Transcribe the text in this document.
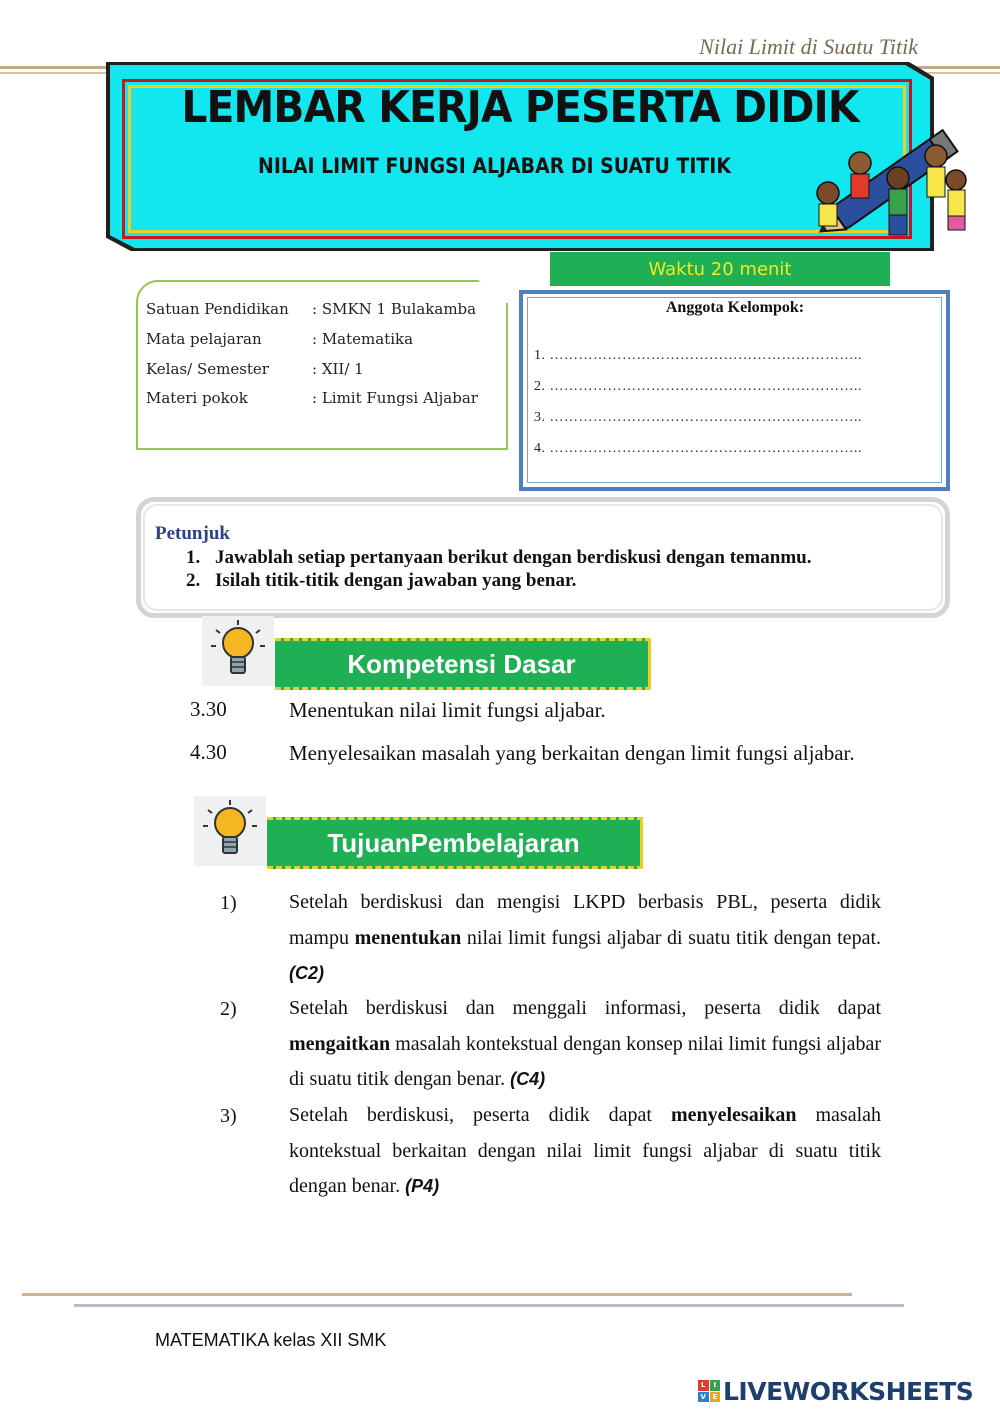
Nilai Limit di Suatu Titik
LEMBAR KERJA PESERTA DIDIK
NILAI LIMIT FUNGSI ALJABAR DI SUATU TITIK
Waktu 20 menit
Satuan Pendidikan : SMKN 1 Bulakamba
Mata pelajaran	: Matematika
Kelas/ Semester	: XII/ 1
Materi pokok	: Limit Fungsi Aljabar
Anggota Kelompok:
1. ………………………………………………………..
2. ………………………………………………………..
3. ………………………………………………………..
4. ………………………………………………………..
Petunjuk
1. Jawablah setiap pertanyaan berikut dengan berdiskusi dengan temanmu.
2. Isilah titik-titik dengan jawaban yang benar.
Kompetensi Dasar
3.30	Menentukan nilai limit fungsi aljabar.
4.30	Menyelesaikan masalah yang berkaitan dengan limit fungsi aljabar.
TujuanPembelajaran
1)	Setelah berdiskusi dan mengisi LKPD berbasis PBL, peserta didik mampu menentukan nilai limit fungsi aljabar di suatu titik dengan tepat. (C2)
2)	Setelah berdiskusi dan menggali informasi, peserta didik dapat mengaitkan masalah kontekstual dengan konsep nilai limit fungsi aljabar di suatu titik dengan benar. (C4)
3)	Setelah berdiskusi, peserta didik dapat menyelesaikan masalah kontekstual berkaitan dengan nilai limit fungsi aljabar di suatu titik dengan benar. (P4)
MATEMATIKA kelas XII SMK
L	I
V E LIVEWORKSHEETS
